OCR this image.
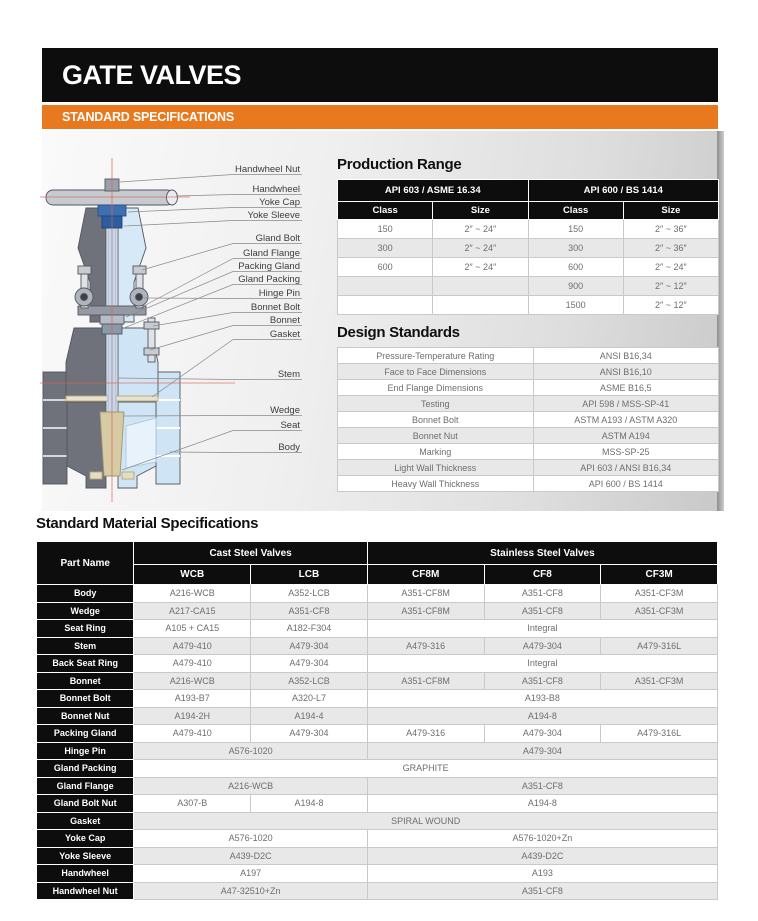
GATE VALVES
STANDARD SPECIFICATIONS
Handwheel Nut
Handwheel
Yoke Cap
Yoke Sleeve
Gland Bolt
Gland Flange
Packing Gland
Gland Packing
Hinge Pin
Bonnet Bolt
Bonnet
Gasket
Stem
Wedge
Seat
Body
Production Range
API 603 / ASME 16.34		API 600 / BS 1414	
Class	Size	Class	Size
150	2″ ~ 24″	150	2″ ~ 36″
300	2″ ~ 24″	300	2″ ~ 36″
600	2″ ~ 24″	600	2″ ~ 24″
		900	2″ ~ 12″
		1500	2″ ~ 12″
Design Standards
Pressure-Temperature Rating	ANSI B16,34
Face to Face Dimensions	ANSI B16,10
End Flange Dimensions	ASME B16,5
Testing	API 598 / MSS-SP-41
Bonnet Bolt	ASTM A193 / ASTM A320
Bonnet Nut	ASTM A194
Marking	MSS-SP-25
Light Wall Thickness	API 603 / ANSI B16,34
Heavy Wall Thickness	API 600 / BS 1414
Standard Material Specifications
Part Name	Cast Steel Valves		Stainless Steel Valves		
	WCB	LCB	CF8M	CF8	CF3M
Body	A216-WCB	A352-LCB	A351-CF8M	A351-CF8	A351-CF3M
Wedge	A217-CA15	A351-CF8	A351-CF8M	A351-CF8	A351-CF3M
Seat Ring	A105 + CA15	A182-F304	Integral		
Stem	A479-410	A479-304	A479-316	A479-304	A479-316L
Back Seat Ring	A479-410	A479-304	Integral		
Bonnet	A216-WCB	A352-LCB	A351-CF8M	A351-CF8	A351-CF3M
Bonnet Bolt	A193-B7	A320-L7	A193-B8		
Bonnet Nut	A194-2H	A194-4	A194-8		
Packing Gland	A479-410	A479-304	A479-316	A479-304	A479-316L
Hinge Pin	A576-1020		A479-304		
Gland Packing	GRAPHITE				
Gland Flange	A216-WCB		A351-CF8		
Gland Bolt Nut	A307-B	A194-8	A194-8		
Gasket	SPIRAL WOUND				
Yoke Cap	A576-1020		A576-1020+Zn		
Yoke Sleeve	A439-D2C		A439-D2C		
Handwheel	A197		A193		
Handwheel Nut	A47-32510+Zn		A351-CF8		
